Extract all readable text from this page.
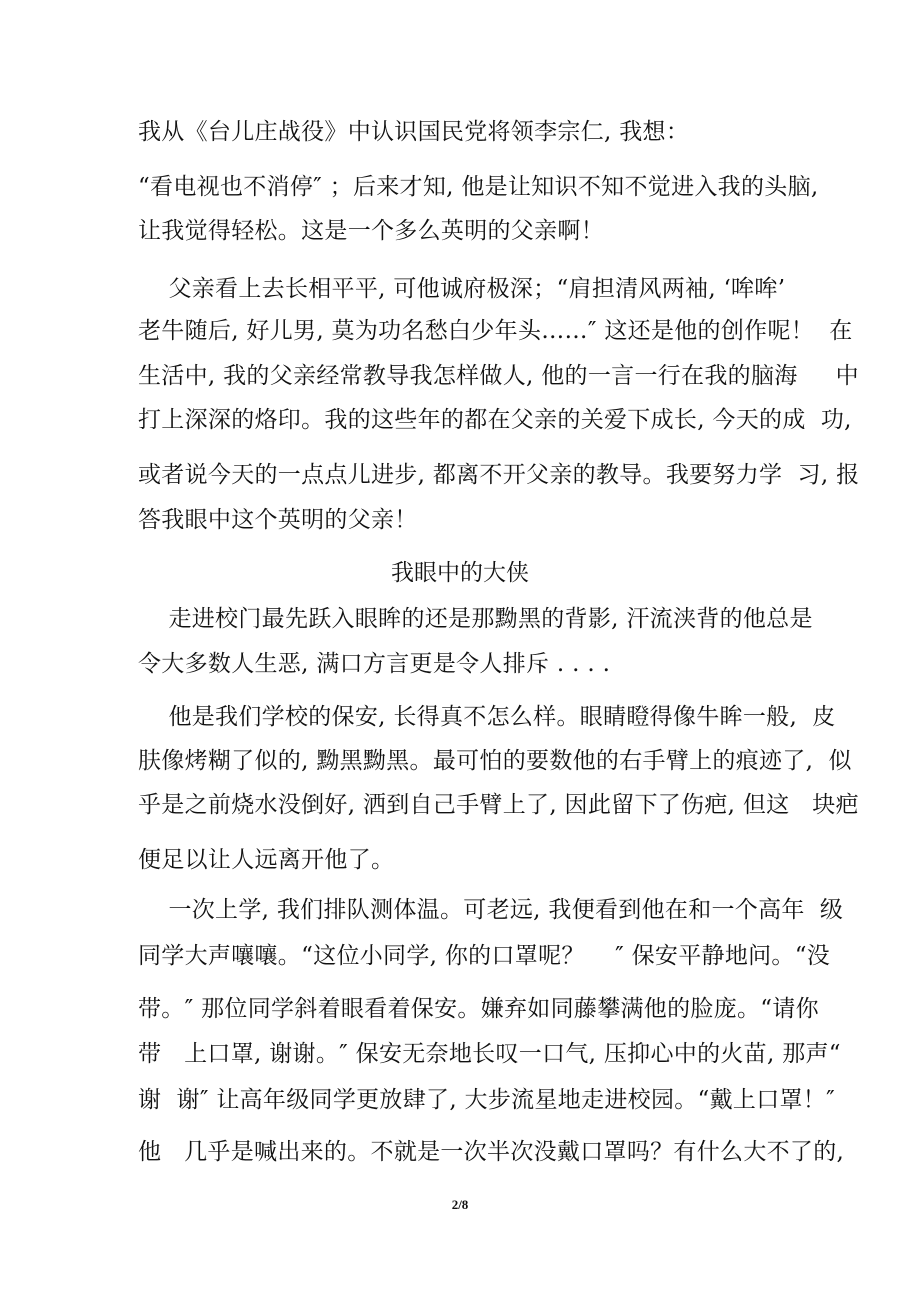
我从《台儿庄战役》中认识国民党将领李宗仁, 我想：
“看电视也不消停″ ；后来才知, 他是让知识不知不觉进入我的头脑,
让我觉得轻松。这是一个多么英明的父亲啊！
父亲看上去长相平平, 可他诚府极深；“肩担清风两袖, ‘哞哞’
老牛随后, 好儿男, 莫为功名愁白少年头……″ 这还是他的创作呢！  在
生活中, 我的父亲经常教导我怎样做人, 他的一言一行在我的脑海     中
打上深深的烙印。我的这些年的都在父亲的关爱下成长, 今天的成  功,
或者说今天的一点点儿进步, 都离不开父亲的教导。我要努力学  习, 报
答我眼中这个英明的父亲！
我眼中的大侠
走进校门最先跃入眼眸的还是那黝黑的背影, 汗流浃背的他总是
令大多数人生恶, 满口方言更是令人排斥 . . . .
他是我们学校的保安, 长得真不怎么样。眼睛瞪得像牛眸一般,  皮
肤像烤糊了似的, 黝黑黝黑。最可怕的要数他的右手臂上的痕迹了,  似
乎是之前烧水没倒好, 洒到自己手臂上了, 因此留下了伤疤, 但这   块疤
便足以让人远离开他了。
一次上学, 我们排队测体温。可老远, 我便看到他在和一个高年  级
同学大声嚷嚷。“这位小同学, 你的口罩呢？    ″ 保安平静地问。“没
带。″ 那位同学斜着眼看着保安。嫌弃如同藤攀满他的脸庞。“请你
带   上口罩, 谢谢。″ 保安无奈地长叹一口气, 压抑心中的火苗, 那声“
谢  谢″ 让高年级同学更放肆了, 大步流星地走进校园。“戴上口罩！″
他   几乎是喊出来的。不就是一次半次没戴口罩吗？有什么大不了的,
2/8
